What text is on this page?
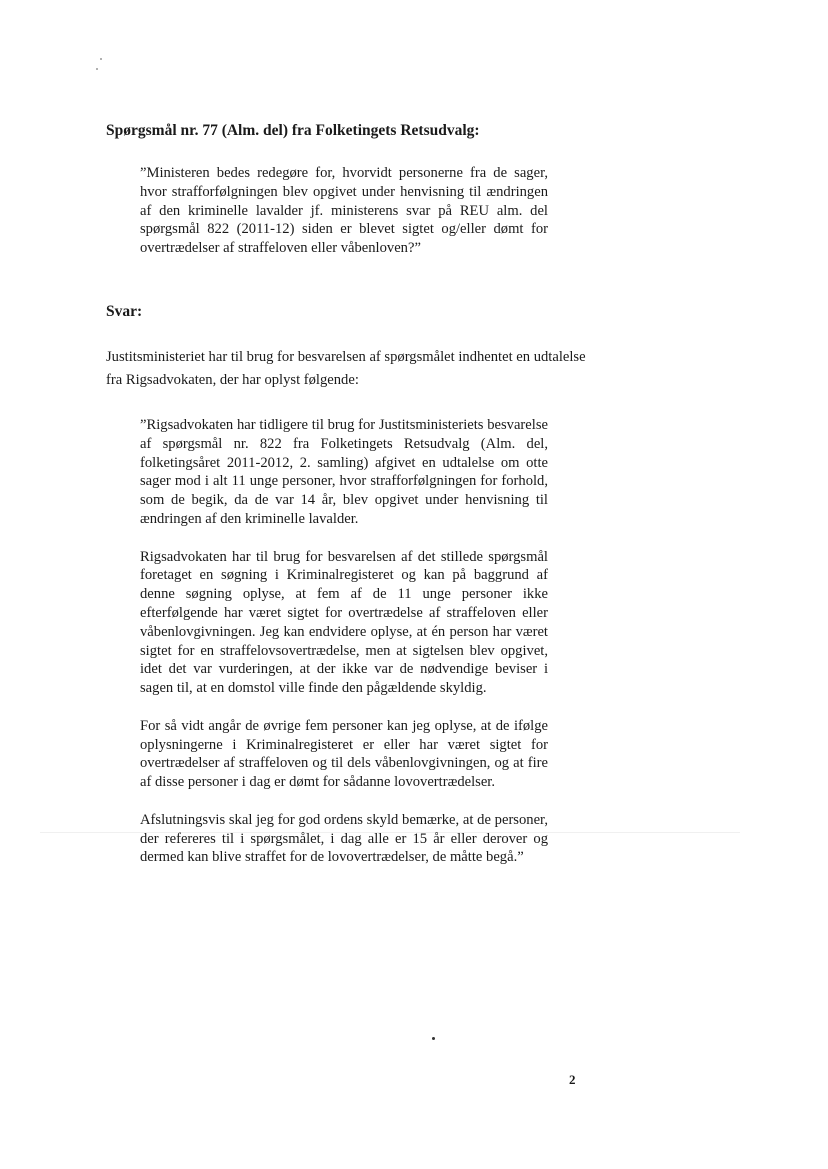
Spørgsmål nr. 77 (Alm. del) fra Folketingets Retsudvalg:

”Ministeren bedes redegøre for, hvorvidt personerne fra de sager, hvor strafforfølgningen blev opgivet under henvisning til ændringen af den kriminelle lavalder jf. ministerens svar på REU alm. del spørgsmål 822 (2011-12) siden er blevet sigtet og/eller dømt for overtrædelser af straffeloven eller våbenloven?”

Svar:

Justitsministeriet har til brug for besvarelsen af spørgsmålet indhentet en udtalelse fra Rigsadvokaten, der har oplyst følgende:

”Rigsadvokaten har tidligere til brug for Justitsministeriets besvarelse af spørgsmål nr. 822 fra Folketingets Retsudvalg (Alm. del, folketingsåret 2011-2012, 2. samling) afgivet en udtalelse om otte sager mod i alt 11 unge personer, hvor strafforfølgningen for forhold, som de begik, da de var 14 år, blev opgivet under henvisning til ændringen af den kriminelle lavalder.

Rigsadvokaten har til brug for besvarelsen af det stillede spørgsmål foretaget en søgning i Kriminalregisteret og kan på baggrund af denne søgning oplyse, at fem af de 11 unge personer ikke efterfølgende har været sigtet for overtrædelse af straffeloven eller våbenlovgivningen. Jeg kan endvidere oplyse, at én person har været sigtet for en straffelovsovertrædelse, men at sigtelsen blev opgivet, idet det var vurderingen, at der ikke var de nødvendige beviser i sagen til, at en domstol ville finde den pågældende skyldig.

For så vidt angår de øvrige fem personer kan jeg oplyse, at de ifølge oplysningerne i Kriminalregisteret er eller har været sigtet for overtrædelser af straffeloven og til dels våbenlovgivningen, og at fire af disse personer i dag er dømt for sådanne lovovertrædelser.

Afslutningsvis skal jeg for god ordens skyld bemærke, at de personer, der refereres til i spørgsmålet, i dag alle er 15 år eller derover og dermed kan blive straffet for de lovovertrædelser, de måtte begå.”

2
